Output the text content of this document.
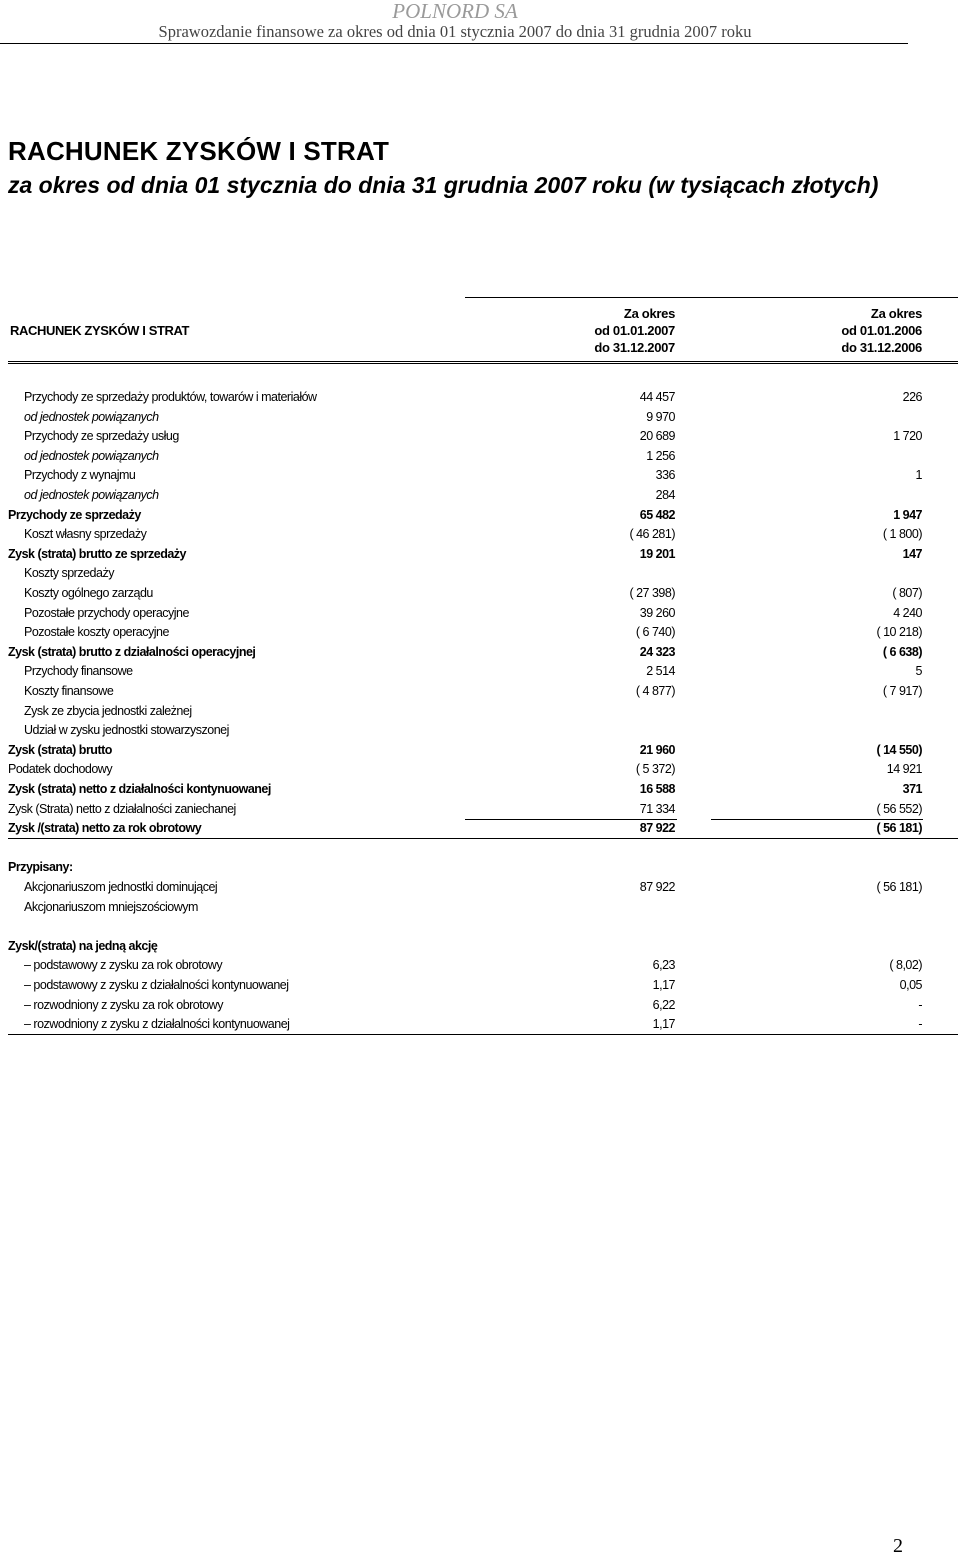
POLNORD SA
Sprawozdanie finansowe za okres od dnia 01 stycznia 2007 do dnia 31 grudnia 2007 roku
RACHUNEK ZYSKÓW I STRAT
za okres od dnia 01 stycznia do dnia 31 grudnia 2007 roku (w tysiącach złotych)
RACHUNEK ZYSKÓW I STRAT
Za okres
od 01.01.2007
do 31.12.2007
Za okres
od 01.01.2006
do 31.12.2006
Przychody ze sprzedaży produktów, towarów i materiałów	44 457	226
od jednostek powiązanych	9 970
Przychody ze sprzedaży usług	20 689	1 720
od jednostek powiązanych	1 256
Przychody z wynajmu	336	1
od jednostek powiązanych	284
Przychody ze sprzedaży	65 482	1 947
Koszt własny sprzedaży	( 46 281)	( 1 800)
Zysk (strata) brutto ze sprzedaży	19 201	147
Koszty sprzedaży
Koszty ogólnego zarządu	( 27 398)	( 807)
Pozostałe przychody operacyjne	39 260	4 240
Pozostałe koszty operacyjne	( 6 740)	( 10 218)
Zysk (strata) brutto z działalności operacyjnej	24 323	( 6 638)
Przychody finansowe	2 514	5
Koszty finansowe	( 4 877)	( 7 917)
Zysk ze zbycia jednostki zależnej
Udział w zysku jednostki stowarzyszonej
Zysk (strata) brutto	21 960	( 14 550)
Podatek dochodowy	( 5 372)	14 921
Zysk (strata) netto z działalności kontynuowanej	16 588	371
Zysk (Strata) netto z działalności zaniechanej	71 334	( 56 552)
Zysk /(strata) netto za rok obrotowy	87 922	( 56 181)
Przypisany:
Akcjonariuszom jednostki dominującej	87 922	( 56 181)
Akcjonariuszom mniejszościowym
Zysk/(strata) na jedną akcję
– podstawowy z zysku za rok obrotowy	6,23	( 8,02)
– podstawowy z zysku z działalności kontynuowanej	1,17	0,05
– rozwodniony z zysku za rok obrotowy	6,22	-
– rozwodniony z zysku z działalności kontynuowanej	1,17	-
2
